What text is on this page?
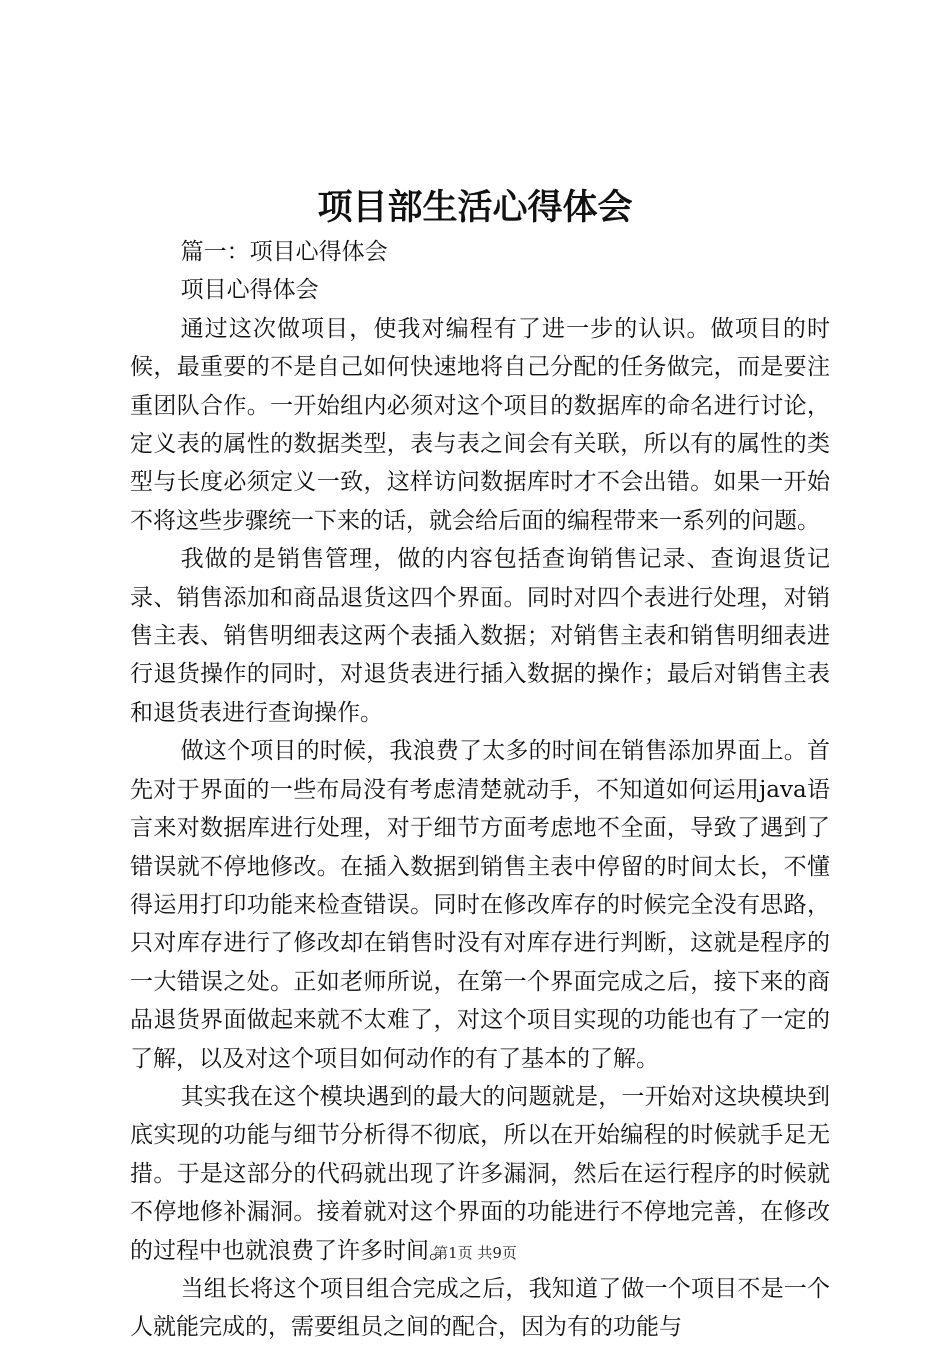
项目部生活心得体会

篇一：项目心得体会

项目心得体会

通过这次做项目，使我对编程有了进一步的认识。做项目的时候，最重要的不是自己如何快速地将自己分配的任务做完，而是要注重团队合作。一开始组内必须对这个项目的数据库的命名进行讨论，定义表的属性的数据类型，表与表之间会有关联，所以有的属性的类型与长度必须定义一致，这样访问数据库时才不会出错。如果一开始不将这些步骤统一下来的话，就会给后面的编程带来一系列的问题。

我做的是销售管理，做的内容包括查询销售记录、查询退货记录、销售添加和商品退货这四个界面。同时对四个表进行处理，对销售主表、销售明细表这两个表插入数据；对销售主表和销售明细表进行退货操作的同时，对退货表进行插入数据的操作；最后对销售主表和退货表进行查询操作。

做这个项目的时候，我浪费了太多的时间在销售添加界面上。首先对于界面的一些布局没有考虑清楚就动手，不知道如何运用java语言来对数据库进行处理，对于细节方面考虑地不全面，导致了遇到了错误就不停地修改。在插入数据到销售主表中停留的时间太长，不懂得运用打印功能来检查错误。同时在修改库存的时候完全没有思路，只对库存进行了修改却在销售时没有对库存进行判断，这就是程序的一大错误之处。正如老师所说，在第一个界面完成之后，接下来的商品退货界面做起来就不太难了，对这个项目实现的功能也有了一定的了解，以及对这个项目如何动作的有了基本的了解。

其实我在这个模块遇到的最大的问题就是，一开始对这块模块到底实现的功能与细节分析得不彻底，所以在开始编程的时候就手足无措。于是这部分的代码就出现了许多漏洞，然后在运行程序的时候就不停地修补漏洞。接着就对这个界面的功能进行不停地完善，在修改的过程中也就浪费了许多时间。

当组长将这个项目组合完成之后，我知道了做一个项目不是一个人就能完成的，需要组员之间的配合，因为有的功能与

第1页 共9页
